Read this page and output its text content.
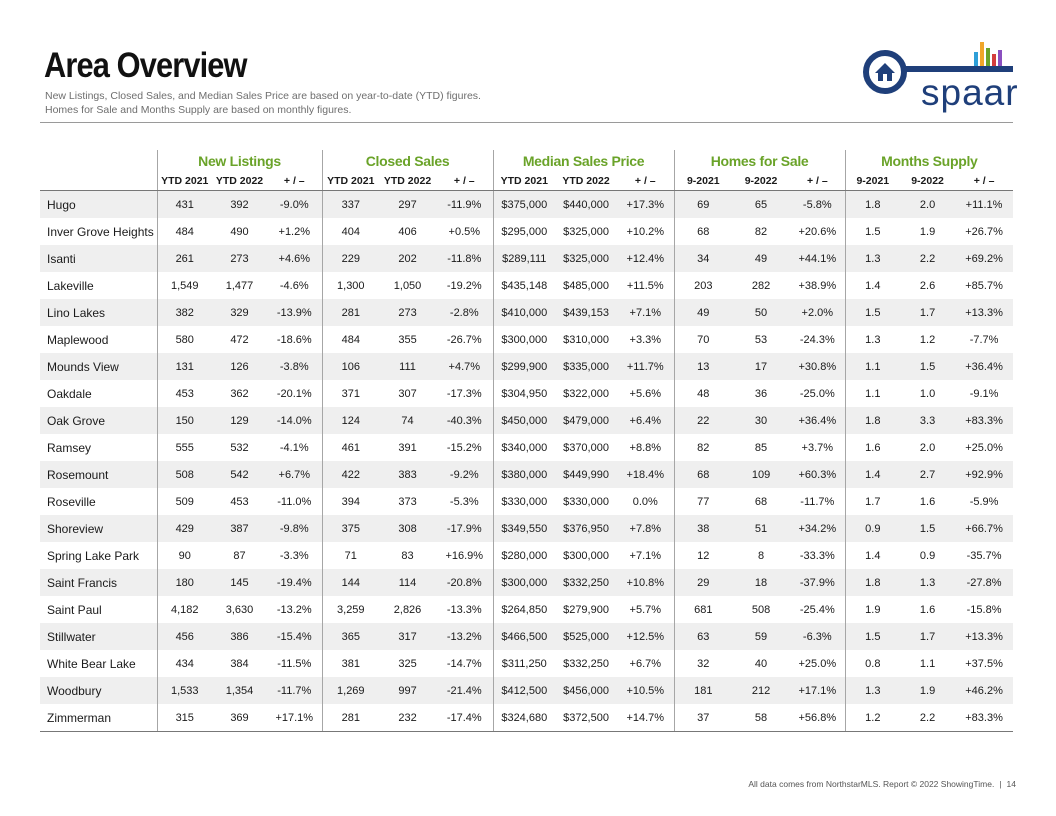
Area Overview

New Listings, Closed Sales, and Median Sales Price are based on year-to-date (YTD) figures.
Homes for Sale and Months Supply are based on monthly figures.	spaar
	New Listings			Closed Sales			Median Sales Price			Homes for Sale			Months Supply		
	YTD 2021	YTD 2022	+ / –	YTD 2021	YTD 2022	+ / –	YTD 2021	YTD 2022	+ / –	9-2021	9-2022	+ / –	9-2021	9-2022	+ / –
Hugo	431	392	-9.0%	337	297	-11.9%	$375,000	$440,000	+17.3%	69	65	-5.8%	1.8	2.0	+11.1%
Inver Grove Heights	484	490	+1.2%	404	406	+0.5%	$295,000	$325,000	+10.2%	68	82	+20.6%	1.5	1.9	+26.7%
Isanti	261	273	+4.6%	229	202	-11.8%	$289,111	$325,000	+12.4%	34	49	+44.1%	1.3	2.2	+69.2%
Lakeville	1,549	1,477	-4.6%	1,300	1,050	-19.2%	$435,148	$485,000	+11.5%	203	282	+38.9%	1.4	2.6	+85.7%
Lino Lakes	382	329	-13.9%	281	273	-2.8%	$410,000	$439,153	+7.1%	49	50	+2.0%	1.5	1.7	+13.3%
Maplewood	580	472	-18.6%	484	355	-26.7%	$300,000	$310,000	+3.3%	70	53	-24.3%	1.3	1.2	-7.7%
Mounds View	131	126	-3.8%	106	111	+4.7%	$299,900	$335,000	+11.7%	13	17	+30.8%	1.1	1.5	+36.4%
Oakdale	453	362	-20.1%	371	307	-17.3%	$304,950	$322,000	+5.6%	48	36	-25.0%	1.1	1.0	-9.1%
Oak Grove	150	129	-14.0%	124	74	-40.3%	$450,000	$479,000	+6.4%	22	30	+36.4%	1.8	3.3	+83.3%
Ramsey	555	532	-4.1%	461	391	-15.2%	$340,000	$370,000	+8.8%	82	85	+3.7%	1.6	2.0	+25.0%
Rosemount	508	542	+6.7%	422	383	-9.2%	$380,000	$449,990	+18.4%	68	109	+60.3%	1.4	2.7	+92.9%
Roseville	509	453	-11.0%	394	373	-5.3%	$330,000	$330,000	0.0%	77	68	-11.7%	1.7	1.6	-5.9%
Shoreview	429	387	-9.8%	375	308	-17.9%	$349,550	$376,950	+7.8%	38	51	+34.2%	0.9	1.5	+66.7%
Spring Lake Park	90	87	-3.3%	71	83	+16.9%	$280,000	$300,000	+7.1%	12	8	-33.3%	1.4	0.9	-35.7%
Saint Francis	180	145	-19.4%	144	114	-20.8%	$300,000	$332,250	+10.8%	29	18	-37.9%	1.8	1.3	-27.8%
Saint Paul	4,182	3,630	-13.2%	3,259	2,826	-13.3%	$264,850	$279,900	+5.7%	681	508	-25.4%	1.9	1.6	-15.8%
Stillwater	456	386	-15.4%	365	317	-13.2%	$466,500	$525,000	+12.5%	63	59	-6.3%	1.5	1.7	+13.3%
White Bear Lake	434	384	-11.5%	381	325	-14.7%	$311,250	$332,250	+6.7%	32	40	+25.0%	0.8	1.1	+37.5%
Woodbury	1,533	1,354	-11.7%	1,269	997	-21.4%	$412,500	$456,000	+10.5%	181	212	+17.1%	1.3	1.9	+46.2%
Zimmerman	315	369	+17.1%	281	232	-17.4%	$324,680	$372,500	+14.7%	37	58	+56.8%	1.2	2.2	+83.3%
All data comes from NorthstarMLS. Report © 2022 ShowingTime. | 14
